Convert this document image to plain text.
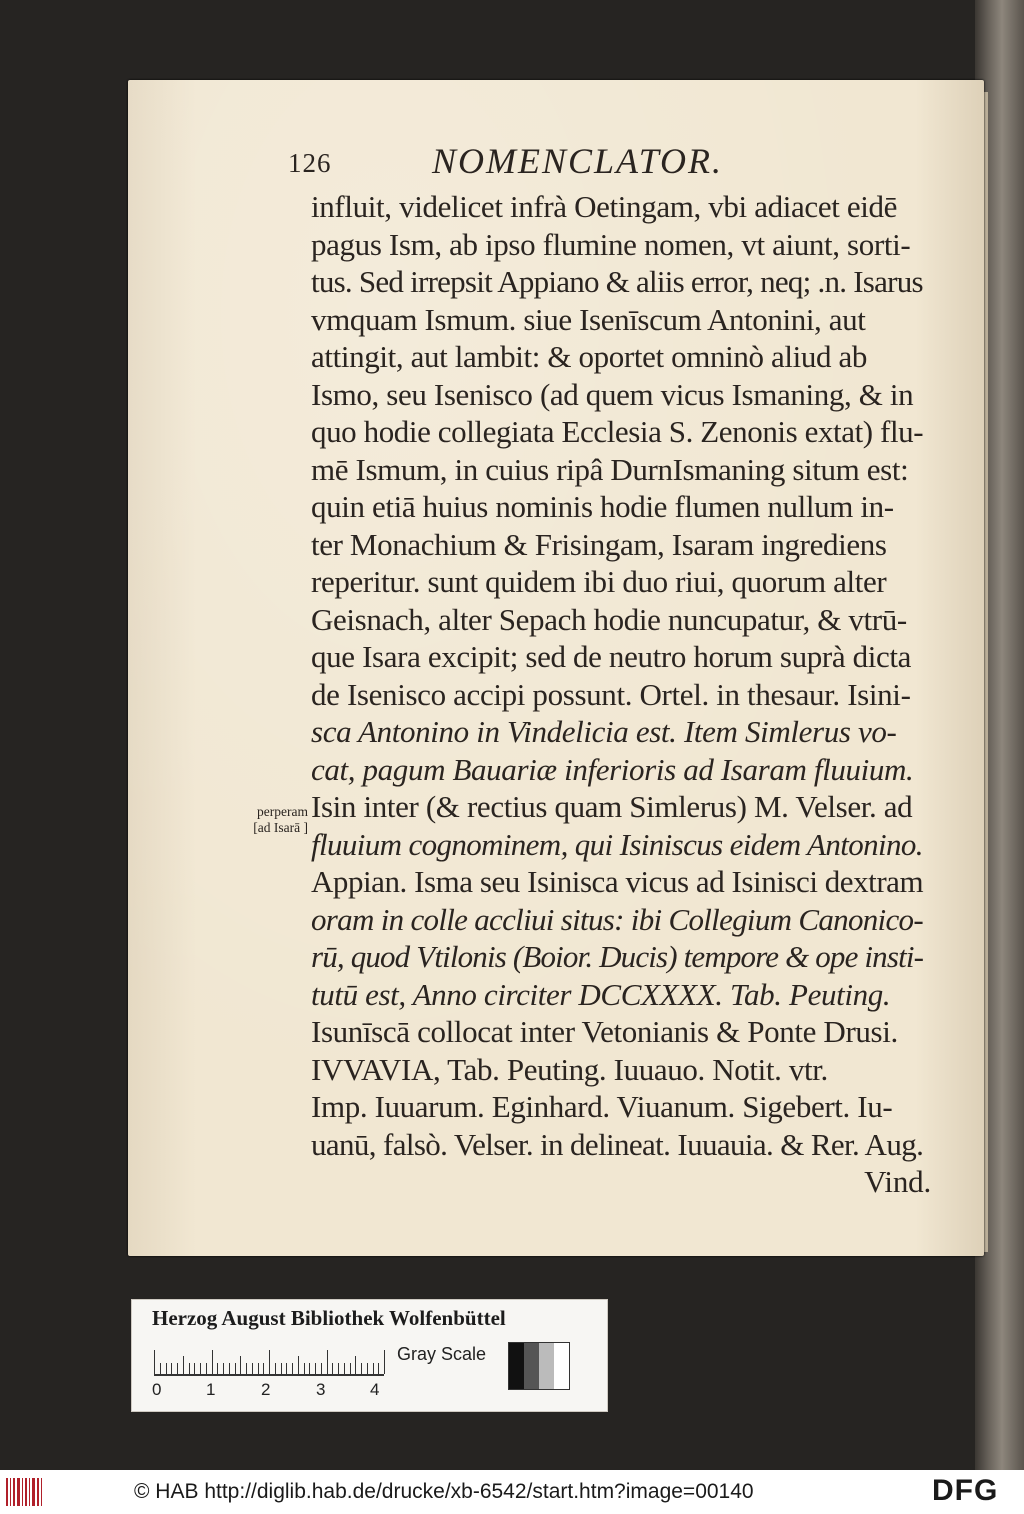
126	NOMENCLATOR.
influit, videlicet infrà Oetingam, vbi adiacet eidē
pagus Ism, ab ipso flumine nomen, vt aiunt, sorti-
tus. Sed irrepsit Appiano & aliis error, neq; .n. Isarus
vmquam Ismum. siue Isenīscum Antonini, aut
attingit, aut lambit: & oportet omninò aliud ab
Ismo, seu Isenisco (ad quem vicus Ismaning, & in
quo hodie collegiata Ecclesia S. Zenonis extat) flu-
mē Ismum, in cuius ripâ DurnIsmaning situm est:
quin etiā huius nominis hodie flumen nullum in-
ter Monachium & Frisingam, Isaram ingrediens
reperitur. sunt quidem ibi duo riui, quorum alter
Geisnach, alter Sepach hodie nuncupatur, & vtrū-
que Isara excipit; sed de neutro horum suprà dicta
de Isenisco accipi possunt. Ortel. in thesaur. Isini-
sca Antonino in Vindelicia est. Item Simlerus vo-
cat, pagum Bauariæ inferioris ad Isaram fluuium.
Isin inter (& rectius quam Simlerus) M. Velser. ad
fluuium cognominem, qui Isiniscus eidem Antonino.
Appian. Isma seu Isinisca vicus ad Isinisci dextram
oram in colle accliui situs: ibi Collegium Canonico-
rū, quod Vtilonis (Boior. Ducis) tempore & ope insti-
tutū est, Anno circiter DCCXXXX. Tab. Peuting.
Isunīscā collocat inter Vetonianis & Ponte Drusi.
IVVAVIA, Tab. Peuting. Iuuauo. Notit. vtr.
Imp. Iuuarum. Eginhard. Viuanum. Sigebert. Iu-
uanū, falsò. Velser. in delineat. Iuuauia. & Rer. Aug.
Vind.
perperam
[ad Isarā ]
Herzog August Bibliothek Wolfenbüttel
0	1	2	3	4
Gray Scale
© HAB http://diglib.hab.de/drucke/xb-6542/start.htm?image=00140	DFG
